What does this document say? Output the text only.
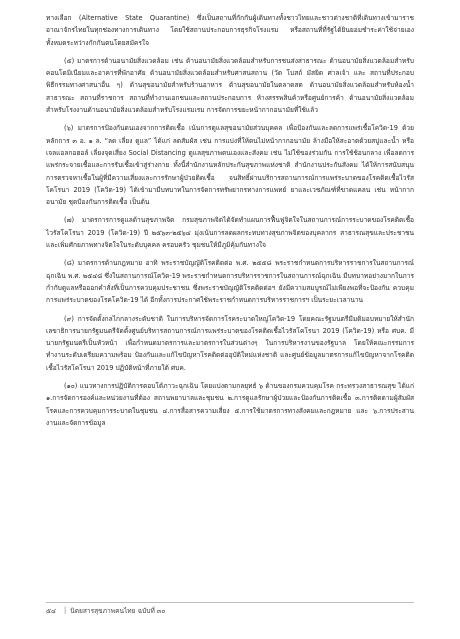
ทางเลือก (Alternative State Quarantine) ซึ่งเป็นสถานที่กักกันผู้เดินทางทั้งชาวไทยและชาวต่างชาติที่เดินทางเข้ามาราชอาณาจักรไทยในทุกช่องทางการเดินทาง โดยใช้สถานประกอบการธุรกิจโรงแรม หรือสถานที่ที่รัฐได้ยินยอมชำระค่าใช้จ่ายเองทั้งหมดระหว่างกักกันตนโดยสมัครใจ

(๕) มาตรการด้านอนามัยสิ่งแวดล้อม เช่น ด้านอนามัยสิ่งแวดล้อมสำหรับการชนส่งสาธารณะ ด้านอนามัยสิ่งแวดล้อมสำหรับคอนโดมิเนียมและอาคารที่พักอาศัย ด้านอนามัยสิ่งแวดล้อมสำหรับศาสนสถาน (วัด โบสถ์ มัสยิด ศาลเจ้า และ สถานที่ประกอบพิธีกรรมทางศาสนาอื่น ๆ) ด้านสุขอนามัยสำหรับร้านอาหาร ด้านสุขอนามัยในตลาดสด ด้านอนามัยสิ่งแวดล้อมสำหรับห้องน้ำสาธารณะ สถานที่ราชการ สถานที่ทำงานเอกชนและสถานประกอบการ ห้างสรรพสินค้าหรือศูนย์การค้า ด้านอนามัยสิ่งแวดล้อมสำหรับโรงงานด้านอนามัยสิ่งแวดล้อมสำหรับโรงแรมเรม การจัดการขยะหน้ากากอนามัยที่ใช้แล้ว

(๖) มาตรการป้องกันตนเองจากการติดเชื้อ เน้นการดูแลสุขอนามัยส่วนบุคคล เพื่อป้องกันและลดการแพร่เชื้อโควิด-19 ด้วยหลักการ ๓ อ. ๑ ล. “ลด เลี่ยง ดูแล” ได้แก่ ลดสัมผัส เช่น การแบ่งที่ให้ตนไม่หน้ากากอนามัย ล้างมือให้สะอาดด้วยสบู่และน้ำ หรือเจลแอลกอฮอล์ เลี่ยงจุดเสี่ยง Social Distancing ดูแลสุขภาพตนเองและสังคม เช่น ไม่ใช้ของร่วมกัน การใช้ช้อนกลาง เพื่อลดการแพร่กระจายเชื้อและการรับเชื้อเข้าสู่ร่างกาย ทั้งนี้สำนักงานหลักประกันสุขภาพแห่งชาติ สำนักงานประกันสังคม ได้ให้การสนับสนุนการตรวจหาเชื้อในผู้ที่มีความเสี่ยงและการรักษาผู้ป่วยติดเชื้อ จนสิทธิ์ผ่านบริการสถานการณ์การแพร่ระบาดของโรคติดเชื้อไวรัสโคโรนา 2019 (โควิด-19) ได้เข้ามามีบทบาทในการจัดการทรัพยากรทางการแพทย์ ยาและเวชภัณฑ์ที่ขาดแคลน เช่น หน้ากากอนามัย ชุดป้องกันการติดเชื้อ เป็นต้น

(๗) มาตรการการดูแลด้านสุขภาพจิต กรมสุขภาพจิตได้จัดทำแผนการฟื้นฟูจิตใจในสถานการณ์การระบาดของโรคติดเชื้อไวรัสโคโรนา 2019 (โควิด-19) ปี ๒๕๖๓-๒๕๖๔ มุ่งเน้นการลดผลกระทบทางสุขภาพจิตของบุคลากร สาธารณสุขและประชาชน และเพิ่มศักยภาพทางจิตใจในระดับบุคคล ครอบครัว ชุมชนให้มีภูมิคุ้มกันทางใจ

(๘) มาตรการด้านกฎหมาย อาทิ พระราชบัญญัติโรคติดต่อ พ.ศ. ๒๕๕๘ พระราชกำหนดการบริหารราชการในสถานการณ์ฉุกเฉิน พ.ศ. ๒๕๔๘ ซึ่งในสถานการณ์โควิด-19 พระราชกำหนดการบริหารราชการในสถานการณ์ฉุกเฉิน มีบทบาทอย่างมากในการกำกับดูแลหรือออกคำสั่งที่เป็นการควบคุมประชาชน ซึ่งพระราชบัญญัติโรคติดต่อฯ ยังมีความสมบูรณ์ไม่เพียงพอที่จะป้องกัน ควบคุม การแพร่ระบาดของโรคโควิด-19 ได้ อีกทั้งการประกาศใช้พระราชกำหนดการบริหารราชการฯ เป็นระยะเวลานาน

(๙) การจัดตั้งกลไกกลางระดับชาติ ในการบริหารจัดการโรคระบาดใหญ่โควิด-19 โดยคณะรัฐมนตรีมีมติมอบหมายให้สำนักเลขาธิการนายกรัฐมนตรีจัดตั้งศูนย์บริหารสถานการณ์การแพร่ระบาดของโรคติดเชื้อไวรัสโคโรนา 2019 (โควิด-19) หรือ ศบค. มีนายกรัฐมนตรีเป็นหัวหน้า เพื่อกำหนดมาตรการและมาตรการในส่วนต่างๆ ในการบริหารงานของรัฐบาล โดยให้คณะกรรมการทำงานระดับเตรียมความพร้อม ป้องกันและแก้ไขปัญหาโรคติดต่ออุบัติใหม่แห่งชาติ และศูนย์ข้อมูลมาตรการแก้ไขปัญหาจากโรคติดเชื้อไวรัสโคโรนา 2019 ปฏิบัติหน้าที่ภายใต้ ศบค.

(๑๐) แนวทางการปฏิบัติการตอบโต้ภาวะฉุกเฉิน โดยแบ่งตามกลยุทธ์ ๖ ด้านของกรมควบคุมโรค กระทรวงสาธารณสุข ได้แก่ ๑.การจัดการองค์และหน่วยงานที่ต้อง สถานพยาบาลและชุมชน ๒.การดูแลรักษาผู้ป่วยและป้องกันการติดเชื้อ ๓.การติดตามผู้สัมผัสโรคและการควบคุมการระบาดในชุมชน ๔.การสื่อสารความเสี่ยง ๕.การใช้มาตรการทางสังคมและกฎหมาย และ ๖.การประสานงานและจัดการข้อมูล

๕๔ | นิตยสารสุขภาพคนไทย ฉบับที่ ๓๐
